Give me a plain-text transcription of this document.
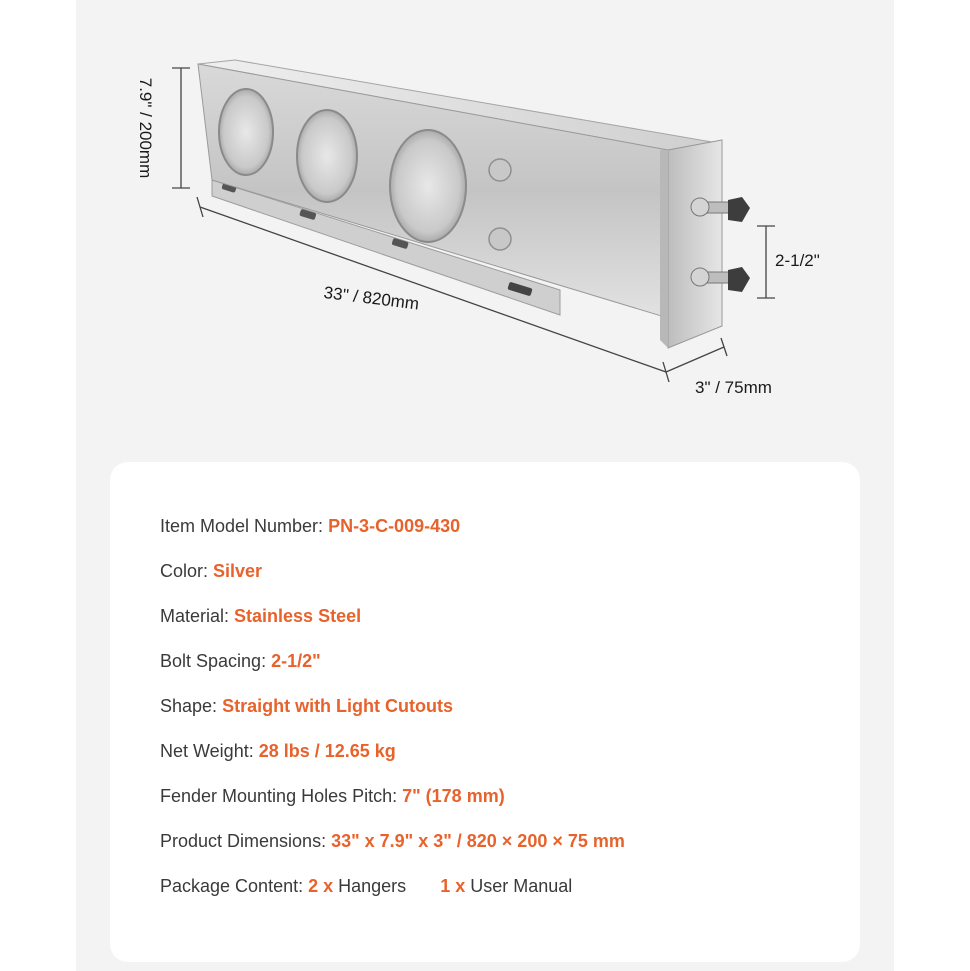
7.9" / 200mm
33" / 820mm
2-1/2"
3" / 75mm
Item Model Number: PN-3-C-009-430
Color: Silver
Material: Stainless Steel
Bolt Spacing: 2-1/2"
Shape: Straight with Light Cutouts
Net Weight: 28 lbs / 12.65 kg
Fender Mounting Holes Pitch: 7" (178 mm)
Product Dimensions: 33" x 7.9" x 3" / 820 × 200 × 75 mm
Package Content: 2 x Hangers 1 x User Manual
